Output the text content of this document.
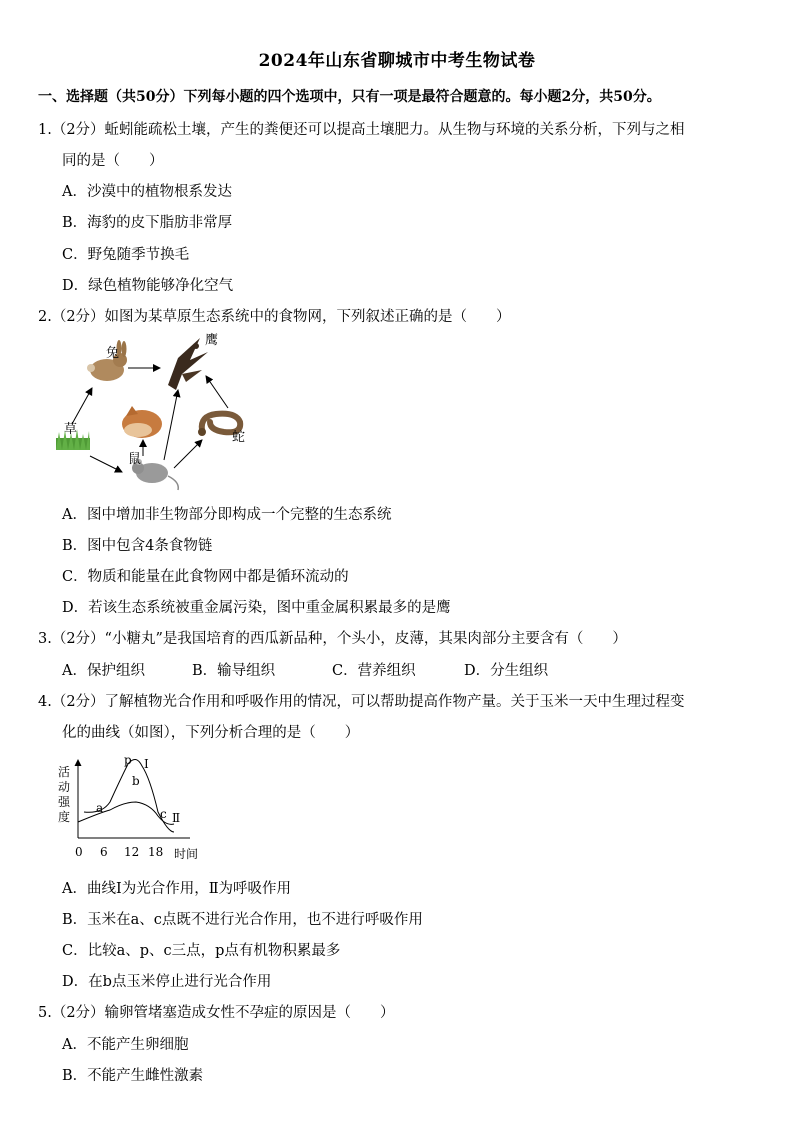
2024年山东省聊城市中考生物试卷
一、选择题（共50分）下列每小题的四个选项中，只有一项是最符合题意的。每小题2分，共50分。
1.（2分）蚯蚓能疏松土壤，产生的粪便还可以提高土壤肥力。从生物与环境的关系分析，下列与之相
同的是（　　）
A．沙漠中的植物根系发达
B．海豹的皮下脂肪非常厚
C．野兔随季节换毛
D．绿色植物能够净化空气
2.（2分）如图为某草原生态系统中的食物网，下列叙述正确的是（　　）
兔
鹰
草
鼠
蛇
A．图中增加非生物部分即构成一个完整的生态系统
B．图中包含4条食物链
C．物质和能量在此食物网中都是循环流动的
D．若该生态系统被重金属污染，图中重金属积累最多的是鹰
3.（2分）“小糖丸”是我国培育的西瓜新品种，个头小，皮薄，其果肉部分主要含有（　　）
A．保护组织	B．输导组织	C．营养组织	D．分生组织
4.（2分）了解植物光合作用和呼吸作用的情况，可以帮助提高作物产量。关于玉米一天中生理过程变
化的曲线（如图），下列分析合理的是（　　）
活
动
强
度
p Ⅰ
b
a	c Ⅱ
0 6 12 18 时间
A．曲线Ⅰ为光合作用，Ⅱ为呼吸作用
B．玉米在a、c点既不进行光合作用，也不进行呼吸作用
C．比较a、p、c三点，p点有机物积累最多
D．在b点玉米停止进行光合作用
5.（2分）输卵管堵塞造成女性不孕症的原因是（　　）
A．不能产生卵细胞
B．不能产生雌性激素
